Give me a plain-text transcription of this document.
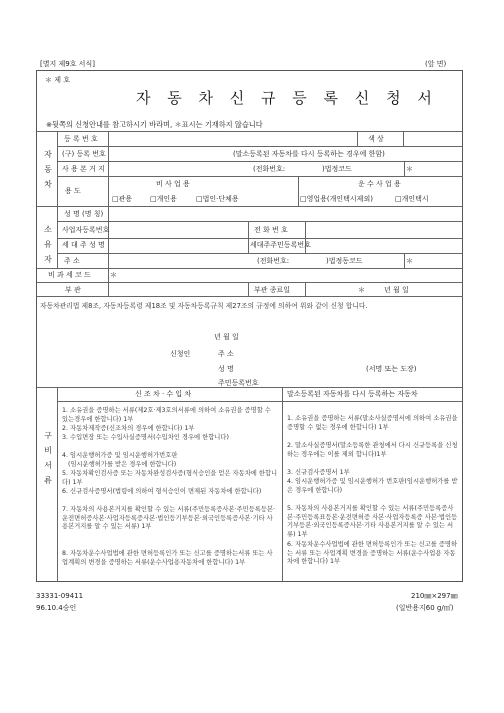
[별지 제9호 서식]	(앞 면)
＊ 제 호
자 동 차 신 규 등 록 신 청 서
※뒷쪽의 신청안내를 참고하시기 바라며, ＊표시는 기재하지 않습니다
자 동 차
등 록 번 호	색 상
(구) 등록 번호	(말소등록된 자동차를 다시 등록하는 경우에 한함)
사 용 본 거 지	(전화번호:	)법정코드	＊
용 도
비 사 업 용	운 수 사 업 용
□관용	□개인용	□법인·단체용	□영업용(개인택시제외)	□개인택시
소 유 자
성 명 (명 칭)
사업자등록번호	전 화 번 호
세 대 주 성 명	세대주주민등록번호
주 소	(전화번호:	)법정동코드	＊
비 과 세 코 드	＊
부 관	부관 종료일	＊	년 월 일
자동차관리법 제8조, 자동차등록령 제18조 및 자동차등록규칙 제27조의 규정에 의하여 위와 같이 신청 합니다.
년 월 일
신청인	주 소
성 명	(서명 또는 도장)
주민등록번호
구 비 서 류
신 조 차 · 수 입 차	말소등록된 자동차를 다시 등록하는 자동차
1. 소유권을 증명하는 서류(제2호·제3호의서류에 의하여 소유권을 증명할 수 있는경우에 한합니다) 1부
2. 자동차제작증(신조차의 경우에 한합니다) 1부
3. 수입면장 또는 수입사실증명서(수입차인 경우에 한합니다)
4. 임시운행허가증 및 임시운행허가번호판
(임시운행허가를 받은 경우에 한합니다)
5. 자동차확인검사증 또는 자동차완성검사증(형식승인을 얻은 자동차에 한합니다) 1부
6. 신규검사증명서(법령에 의하여 형식승인이 면제된 자동차에 한합니다)
7. 자동차의 사용본거지를 확인할 수 있는 서류(주민등록증사본·주민등록등본·운전면허증사본·사업자등록증사본·법인등기부등본·외국인등록증사본·기타 사용본거지를 알 수 있는 서류) 1부
8. 자동차운수사업법에 관한 면허등록인가 또는 신고를 증명하는서류 또는 사업계획의 변경을 증명하는 서류(운수사업용자동차에 한합니다) 1부
1. 소유권을 증명하는 서류(말소사실증명서에 의하여 소유권을 증명할 수 없는 경우에 한합니다) 1부
2. 말소사실증명서(말소등록한 관청에서 다시 신규등록을 신청하는 경우에는 이를 제외 합니다)1부
3. 신규검사증명서 1부
4. 임시운행허가증 및 임시운행허가 번호판(임시운행허가를 받은 경우에 한합니다)
5. 자동차의 사용본거지를 확인할 수 있는 서류(주민등록증사본·주민등록표등본·운전면허증 사본·사업자등록증 사본·법인등기부등본·외국인등록증사본·기타 사용본거지를 알 수 있는 서류) 1부
6. 자동차운수사업법에 관한 면허등록인가 또는 신고를 증명하는 서류 또는 사업계획 변경을 증명하는 서류(운수사업용 자동차에 한합니다) 1부
33331-09411	210㎜×297㎜
96.10.4승인	(일반용지60 g/㎡)
